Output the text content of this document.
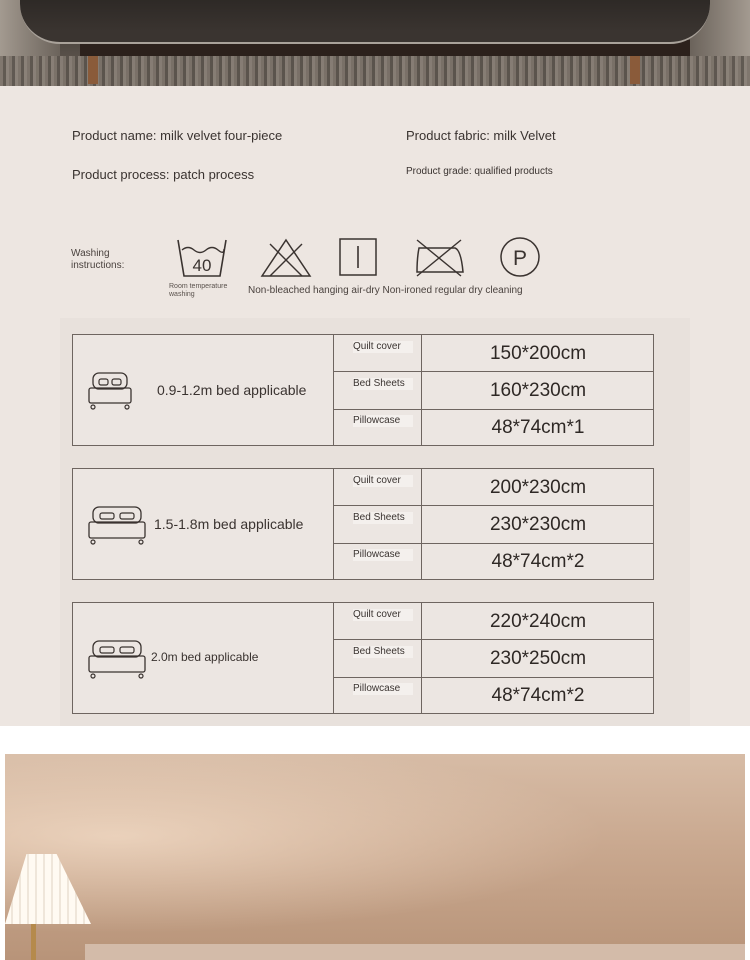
Product name: milk velvet four-piece	Product fabric: milk Velvet
Product process: patch process	Product grade: qualified products
Washing instructions:	40
Room temperature washing
P
Non-bleached hanging air-dry Non-ironed regular dry cleaning
0.9-1.2m bed applicable
Quilt cover	150*200cm
Bed Sheets	160*230cm
Pillowcase	48*74cm*1
1.5-1.8m bed applicable
Quilt cover	200*230cm
Bed Sheets	230*230cm
Pillowcase	48*74cm*2
2.0m bed applicable
Quilt cover	220*240cm
Bed Sheets	230*250cm
Pillowcase	48*74cm*2
